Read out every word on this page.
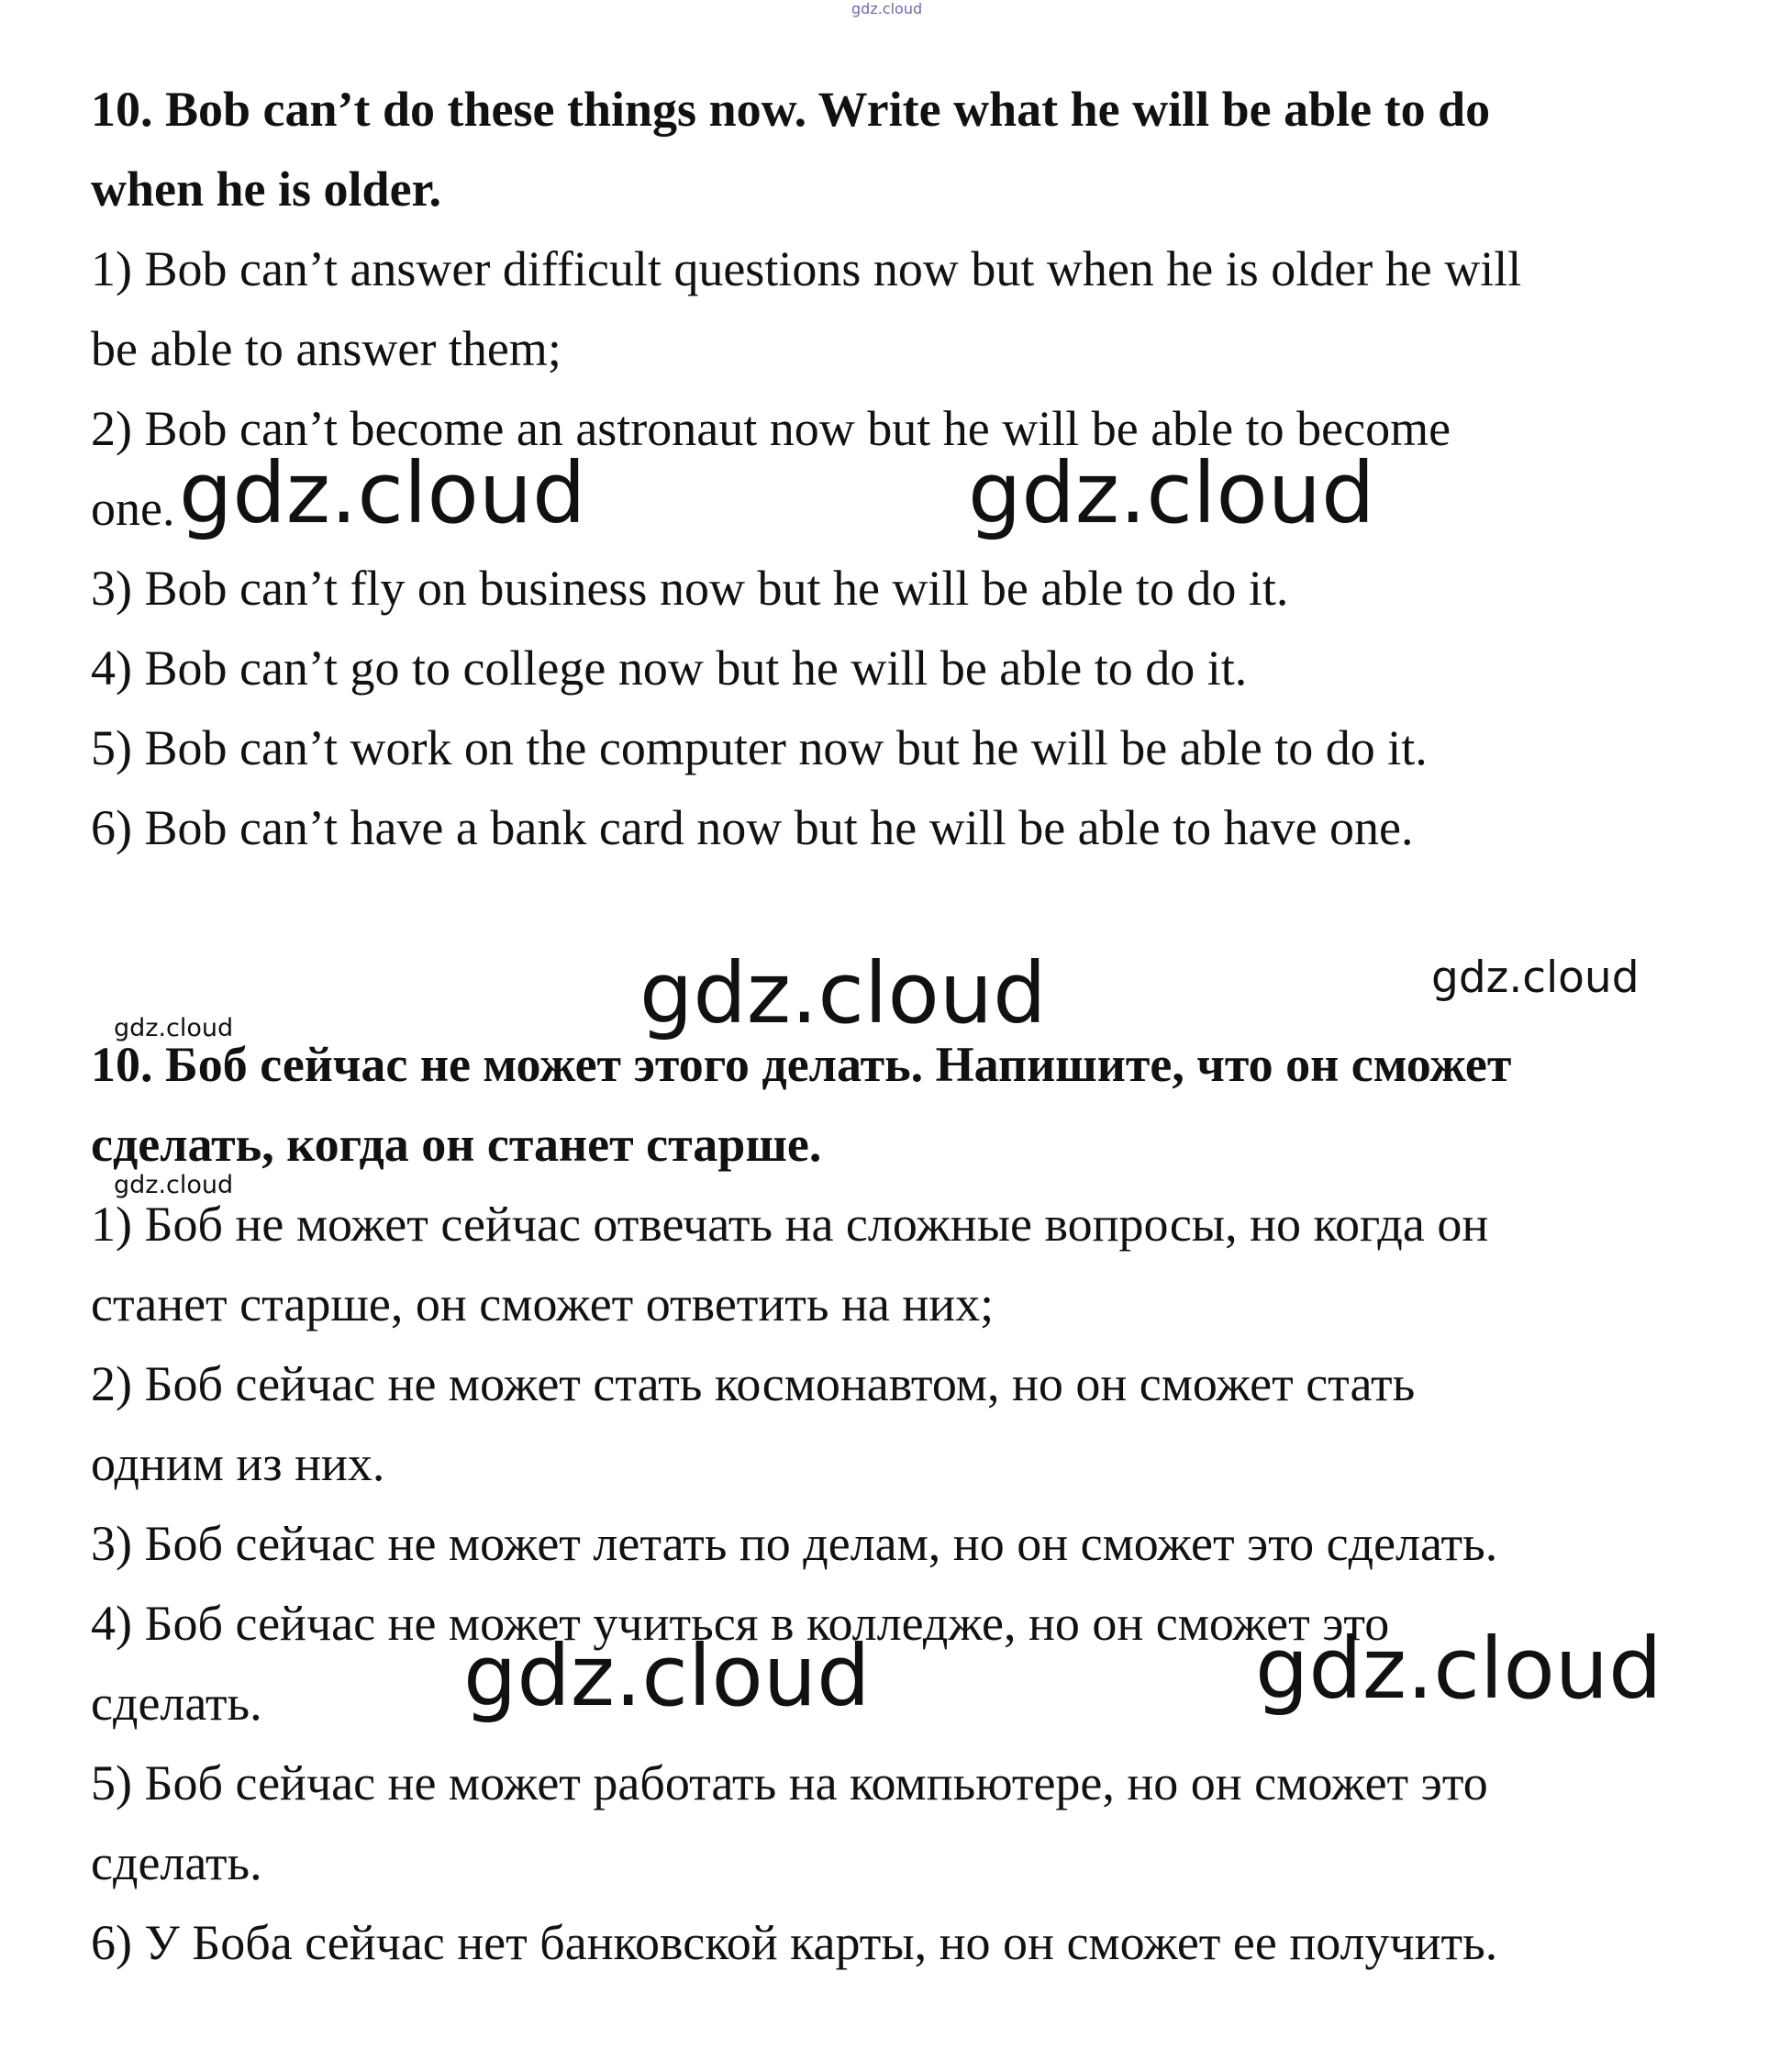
gdz.cloud
10. Bob can’t do these things now. Write what he will be able to do
when he is older.
1) Bob can’t answer difficult questions now but when he is older he will
be able to answer them;
2) Bob can’t become an astronaut now but he will be able to become
one.
3) Bob can’t fly on business now but he will be able to do it.
4) Bob can’t go to college now but he will be able to do it.
5) Bob can’t work on the computer now but he will be able to do it.
6) Bob can’t have a bank card now but he will be able to have one.
gdz.cloud	gdz.cloud
gdz.cloud	gdz.cloud
gdz.cloud
10. Боб сейчас не может этого делать. Напишите, что он сможет
сделать, когда он станет старше.
1) Боб не может сейчас отвечать на сложные вопросы, но когда он
станет старше, он сможет ответить на них;
2) Боб сейчас не может стать космонавтом, но он сможет стать
одним из них.
3) Боб сейчас не может летать по делам, но он сможет это сделать.
4) Боб сейчас не может учиться в колледже, но он сможет это
сделать.
5) Боб сейчас не может работать на компьютере, но он сможет это
сделать.
6) У Боба сейчас нет банковской карты, но он сможет ее получить.
gdz.cloud
gdz.cloud	gdz.cloud
